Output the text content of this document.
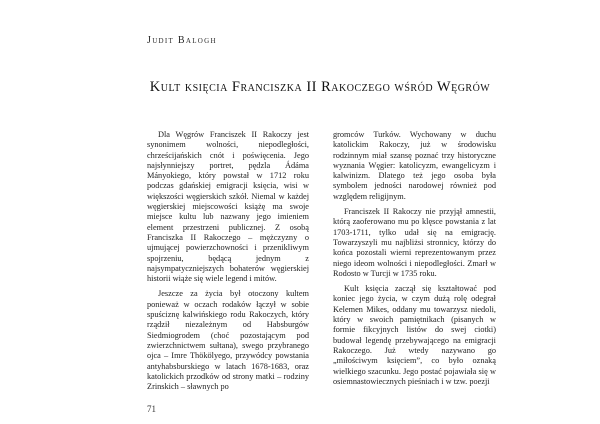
Judit Balogh
Kult księcia Franciszka II Rakoczego wśród Węgrów

Dla Węgrów Franciszek II Rakoczy jest synonimem wolności, niepodległości, chrześcijańskich cnót i poświęcenia. Jego najsłynniejszy portret, pędzla Ádáma Mányokiego, który powstał w 1712 roku podczas gdańskiej emigracji księcia, wisi w większości węgierskich szkół. Niemal w każdej węgierskiej miejscowości książę ma swoje miejsce kultu lub nazwany jego imieniem element przestrzeni publicznej. Z osobą Franciszka II Rakoczego – mężczyzny o ujmującej powierzchowności i przenikliwym spojrzeniu, będącą jednym z najsympatyczniejszych bohaterów węgierskiej historii wiąże się wiele legend i mitów.

Jeszcze za życia był otoczony kultem ponieważ w oczach rodaków łączył w sobie spuściznę kalwińskiego rodu Rakoczych, który rządził niezależnym od Habsburgów Siedmiogrodem (choć pozostającym pod zwierzchnictwem sułtana), swego przybranego ojca – Imre Thökölyego, przywódcy powstania antyhabsburskiego w latach 1678-1683, oraz katolickich przodków od strony matki – rodziny Zrinskich – sławnych po

gromców Turków. Wychowany w duchu katolickim Rakoczy, już w środowisku rodzinnym miał szansę poznać trzy historyczne wyznania Węgier: katolicyzm, ewangelicyzm i kalwinizm. Dlatego też jego osoba była symbolem jedności narodowej również pod względem religijnym.

Franciszek II Rakoczy nie przyjął amnestii, którą zaoferowano mu po klęsce powstania z lat 1703-1711, tylko udał się na emigrację. Towarzyszyli mu najbliżsi stronnicy, którzy do końca pozostali wierni reprezentowanym przez niego ideom wolności i niepodległości. Zmarł w Rodosto w Turcji w 1735 roku.

Kult księcia zaczął się kształtować pod koniec jego życia, w czym dużą rolę odegrał Kelemen Mikes, oddany mu towarzysz niedoli, który w swoich pamiętnikach (pisanych w formie fikcyjnych listów do swej ciotki) budował legendę przebywającego na emigracji Rakoczego. Już wtedy nazywano go „miłościwym księciem”, co było oznaką wielkiego szacunku. Jego postać pojawiała się w osiemnastowiecznych pieśniach i w tzw. poezji

71
